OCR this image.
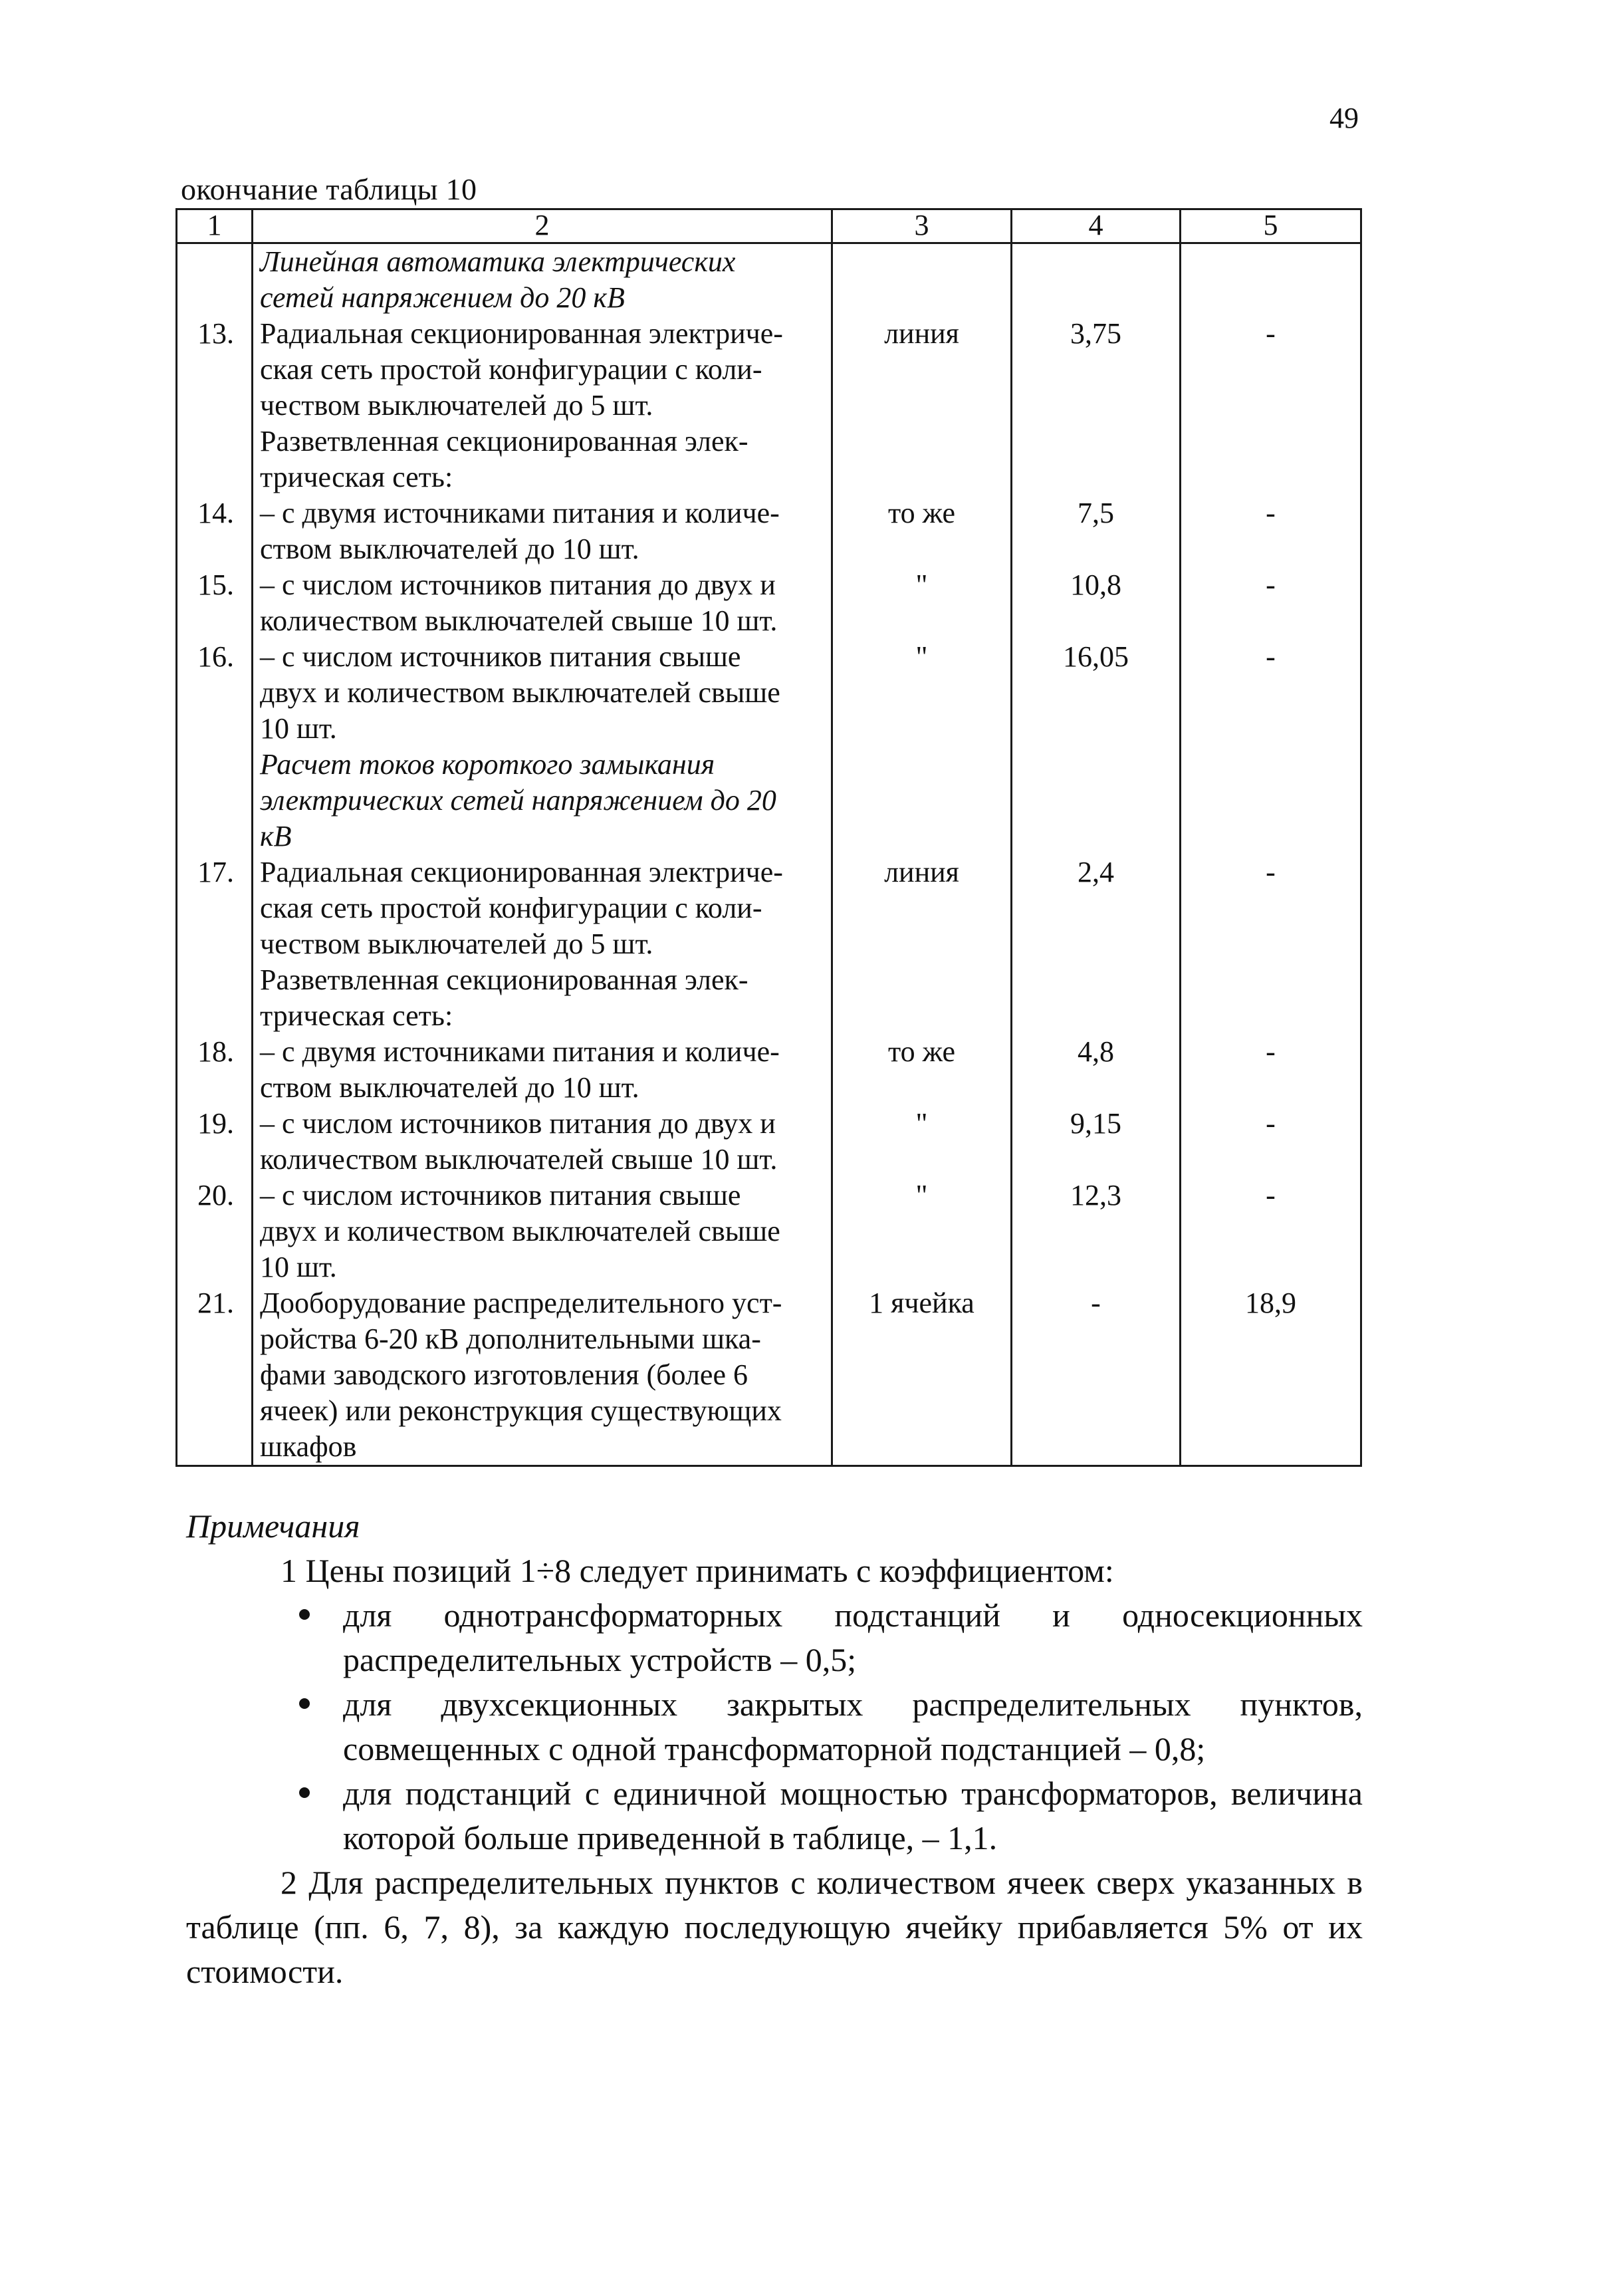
49
окончание таблицы 10
1	2	3	4	5

	Линейная автоматика электрических
сетей напряжением до 20 кВ			

13.	Радиальная секционированная электриче-
ская сеть простой конфигурации с коли-
чеством выключателей до 5 шт.	линия	3,75	-

	Разветвленная секционированная элек-
трическая сеть:			

14.	– с двумя источниками питания и количе-
ством выключателей до 10 шт.	то же	7,5	-
15.	– с числом источников питания до двух и
количеством выключателей свыше 10 шт.	"	10,8	-
16.	– с числом источников питания свыше
двух и количеством выключателей свыше
10 шт.	"	16,05	-

	Расчет токов короткого замыкания
электрических сетей напряжением до 20
кВ			

17.	Радиальная секционированная электриче-
ская сеть простой конфигурации с коли-
чеством выключателей до 5 шт.	линия	2,4	-

	Разветвленная секционированная элек-
трическая сеть:			

18.	– с двумя источниками питания и количе-
ством выключателей до 10 шт.	то же	4,8	-
19.	– с числом источников питания до двух и
количеством выключателей свыше 10 шт.	"	9,15	-
20.	– с числом источников питания свыше
двух и количеством выключателей свыше
10 шт.	"	12,3	-
21.	Дооборудование распределительного уст-
ройства 6-20 кВ дополнительными шка-
фами заводского изготовления (более 6
ячеек) или реконструкция существующих
шкафов	1 ячейка	-	18,9
Примечания
1 Цены позиций 1÷8 следует принимать с коэффициентом:
для однотрансформаторных подстанций и односекционных распределительных устройств – 0,5;
для двухсекционных закрытых распределительных пунктов, совмещенных с одной трансформаторной подстанцией – 0,8;
для подстанций с единичной мощностью трансформаторов, величина которой больше приведенной в таблице, – 1,1.
2 Для распределительных пунктов с количеством ячеек сверх указанных в таблице (пп. 6, 7, 8), за каждую последующую ячейку прибавляется 5% от их стоимости.
